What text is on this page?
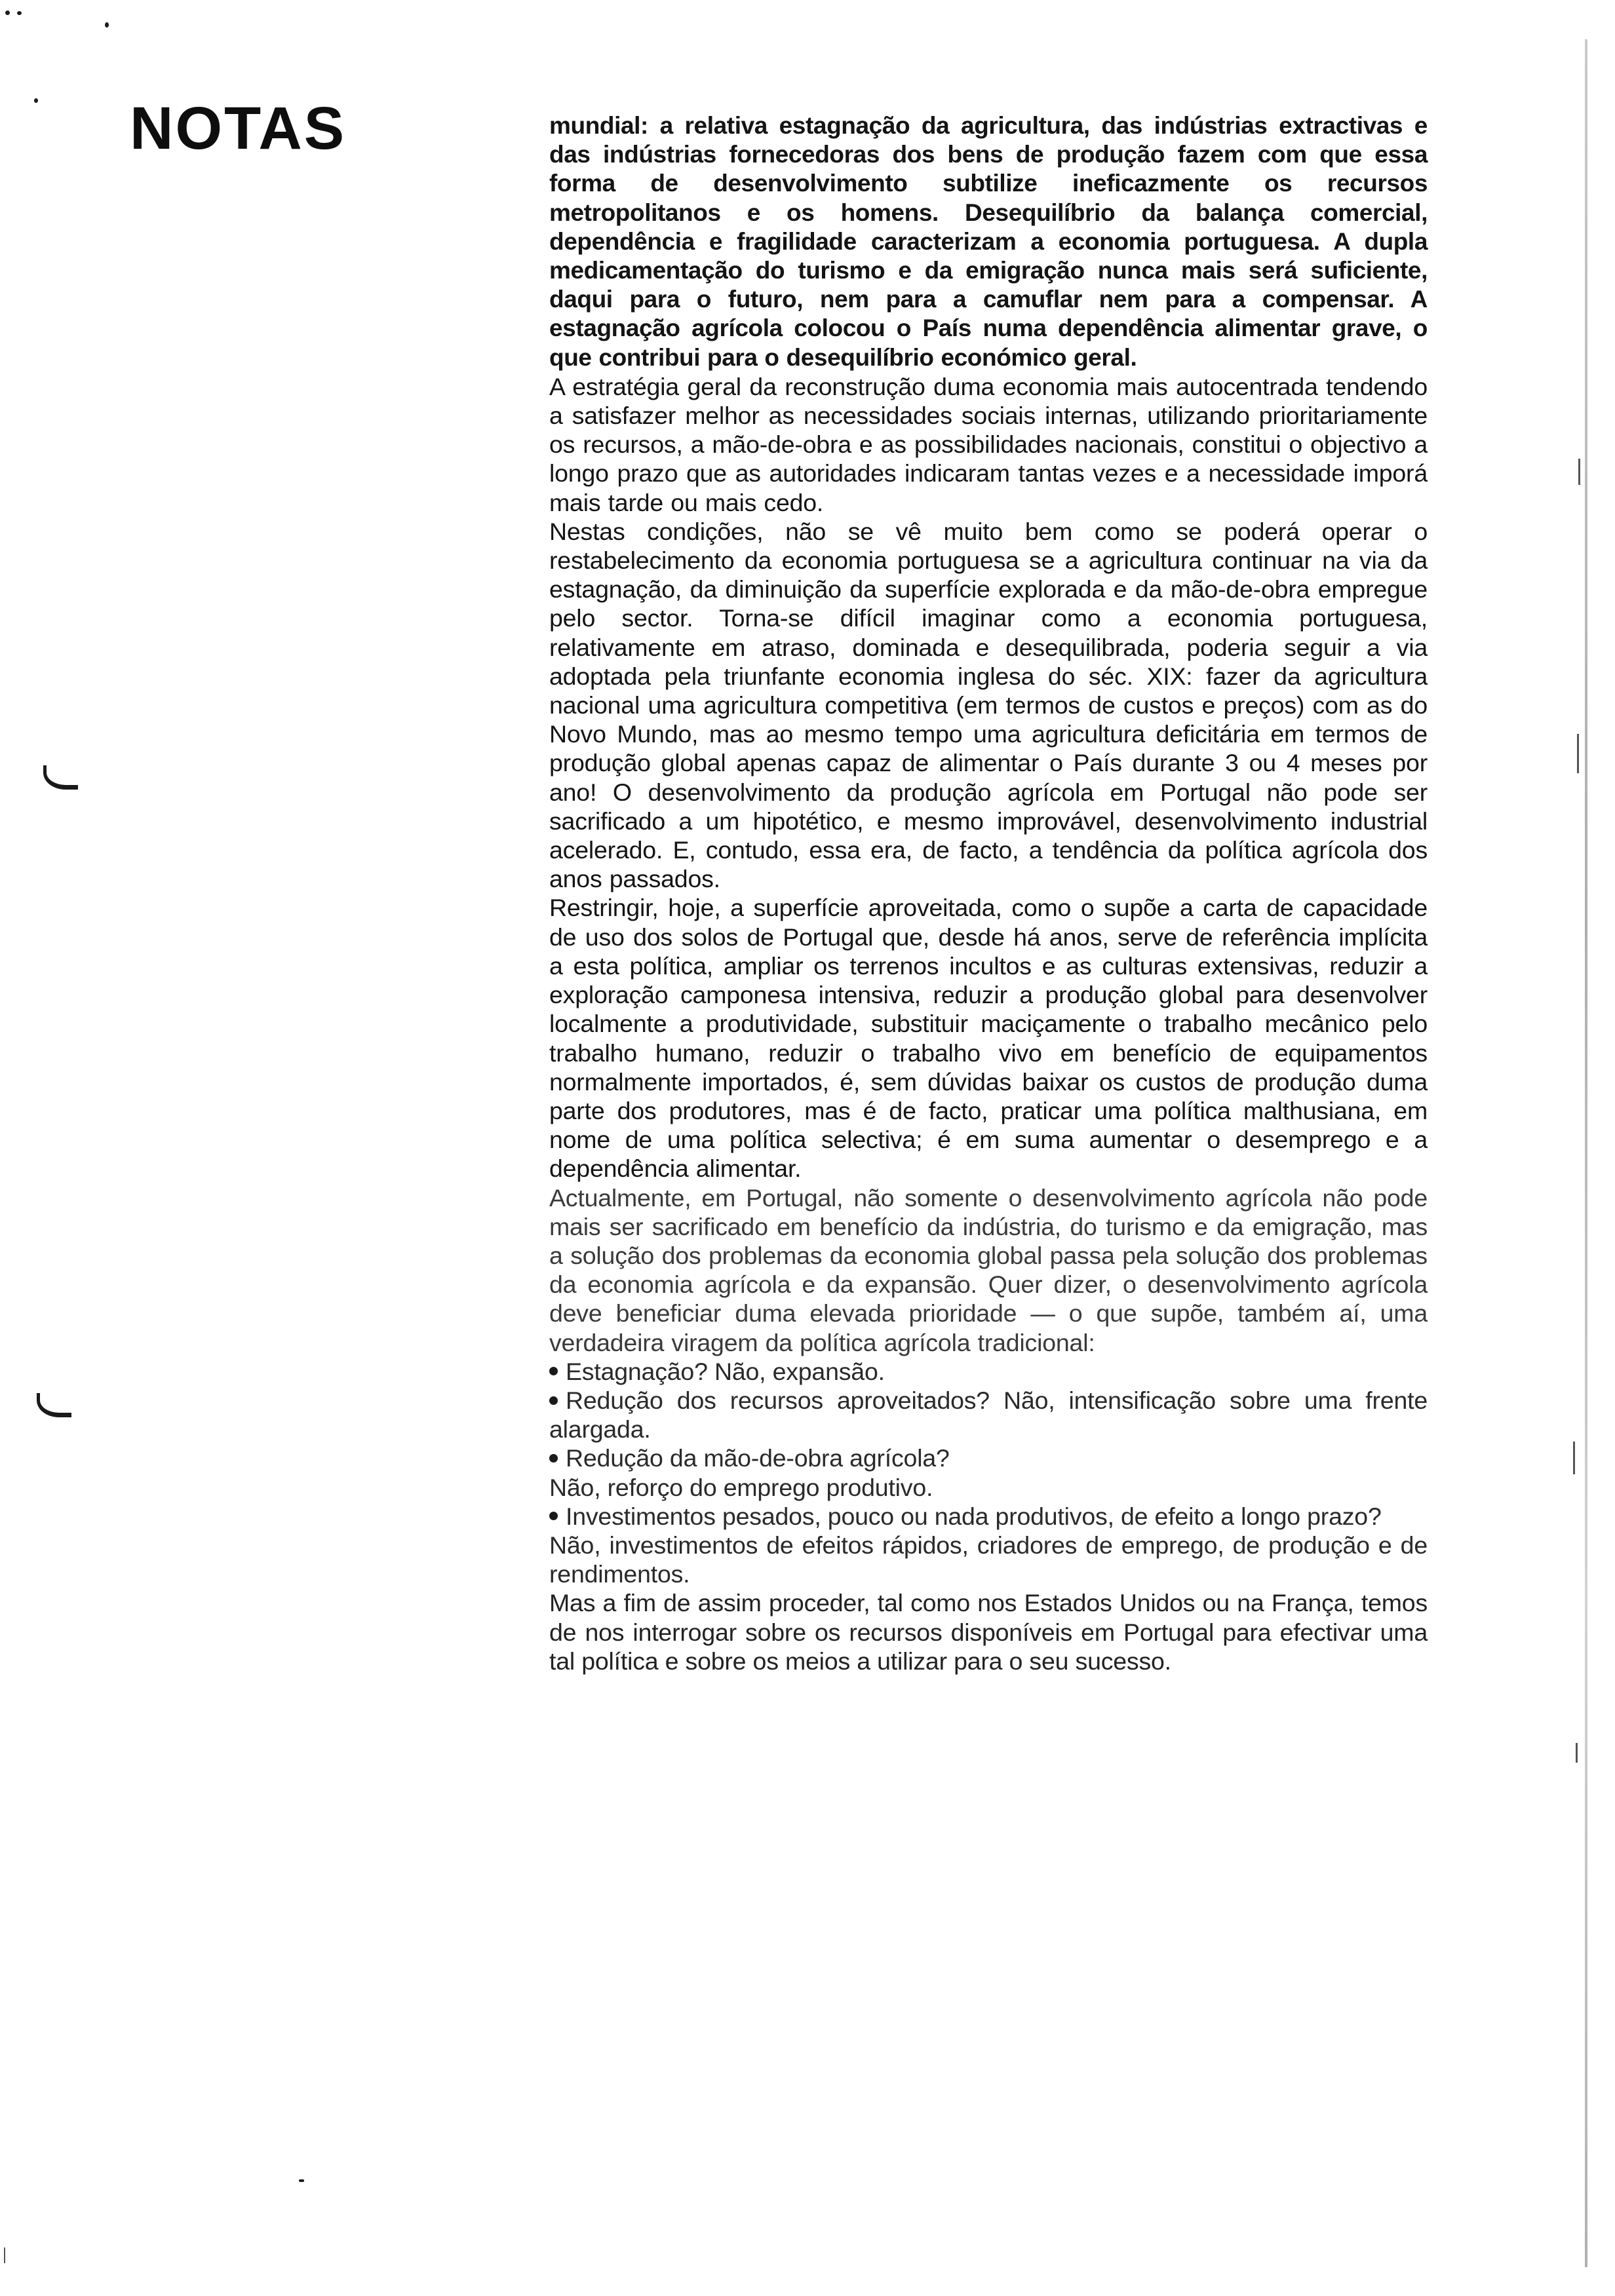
NOTAS	mundial: a relativa estagnação da agricultura, das indústrias extractivas e das indústrias fornecedoras dos bens de produção fazem com que essa forma de desenvolvimento subtilize ineficazmente os recursos metropolitanos e os homens. Desequilíbrio da balança comercial, dependência e fragilidade caracterizam a economia portuguesa. A dupla medicamentação do turismo e da emigração nunca mais será suficiente, daqui para o futuro, nem para a camuflar nem para a compensar. A estagnação agrícola colocou o País numa dependência alimentar grave, o que contribui para o desequilíbrio económico geral.

A estratégia geral da reconstrução duma economia mais autocentrada tendendo a satisfazer melhor as necessidades sociais internas, utilizando prioritariamente os recursos, a mão-de-obra e as possibilidades nacionais, constitui o objectivo a longo prazo que as autoridades indicaram tantas vezes e a necessidade imporá mais tarde ou mais cedo.

Nestas condições, não se vê muito bem como se poderá operar o restabelecimento da economia portuguesa se a agricultura continuar na via da estagnação, da diminuição da superfície explorada e da mão-de-obra empregue pelo sector. Torna-se difícil imaginar como a economia portuguesa, relativamente em atraso, dominada e desequilibrada, poderia seguir a via adoptada pela triunfante economia inglesa do séc. XIX: fazer da agricultura nacional uma agricultura competitiva (em termos de custos e preços) com as do Novo Mundo, mas ao mesmo tempo uma agricultura deficitária em termos de produção global apenas capaz de alimentar o País durante 3 ou 4 meses por ano! O desenvolvimento da produção agrícola em Portugal não pode ser sacrificado a um hipotético, e mesmo improvável, desenvolvimento industrial acelerado. E, contudo, essa era, de facto, a tendência da política agrícola dos anos passados.

Restringir, hoje, a superfície aproveitada, como o supõe a carta de capacidade de uso dos solos de Portugal que, desde há anos, serve de referência implícita a esta política, ampliar os terrenos incultos e as culturas extensivas, reduzir a exploração camponesa intensiva, reduzir a produção global para desenvolver localmente a produtividade, substituir maciçamente o trabalho mecânico pelo trabalho humano, reduzir o trabalho vivo em benefício de equipamentos normalmente importados, é, sem dúvidas baixar os custos de produção duma parte dos produtores, mas é de facto, praticar uma política malthusiana, em nome de uma política selectiva; é em suma aumentar o desemprego e a dependência alimentar.

Actualmente, em Portugal, não somente o desenvolvimento agrícola não pode mais ser sacrificado em benefício da indústria, do turismo e da emigração, mas a solução dos problemas da economia global passa pela solução dos problemas da economia agrícola e da expansão. Quer dizer, o desenvolvimento agrícola deve beneficiar duma elevada prioridade — o que supõe, também aí, uma verdadeira viragem da política agrícola tradicional:

Estagnação? Não, expansão.

Redução dos recursos aproveitados? Não, intensificação sobre uma frente alargada.

Redução da mão-de-obra agrícola?

Não, reforço do emprego produtivo.

Investimentos pesados, pouco ou nada produtivos, de efeito a longo prazo?

Não, investimentos de efeitos rápidos, criadores de emprego, de produção e de rendimentos.

Mas a fim de assim proceder, tal como nos Estados Unidos ou na França, temos de nos interrogar sobre os recursos disponíveis em Portugal para efectivar uma tal política e sobre os meios a utilizar para o seu sucesso.
